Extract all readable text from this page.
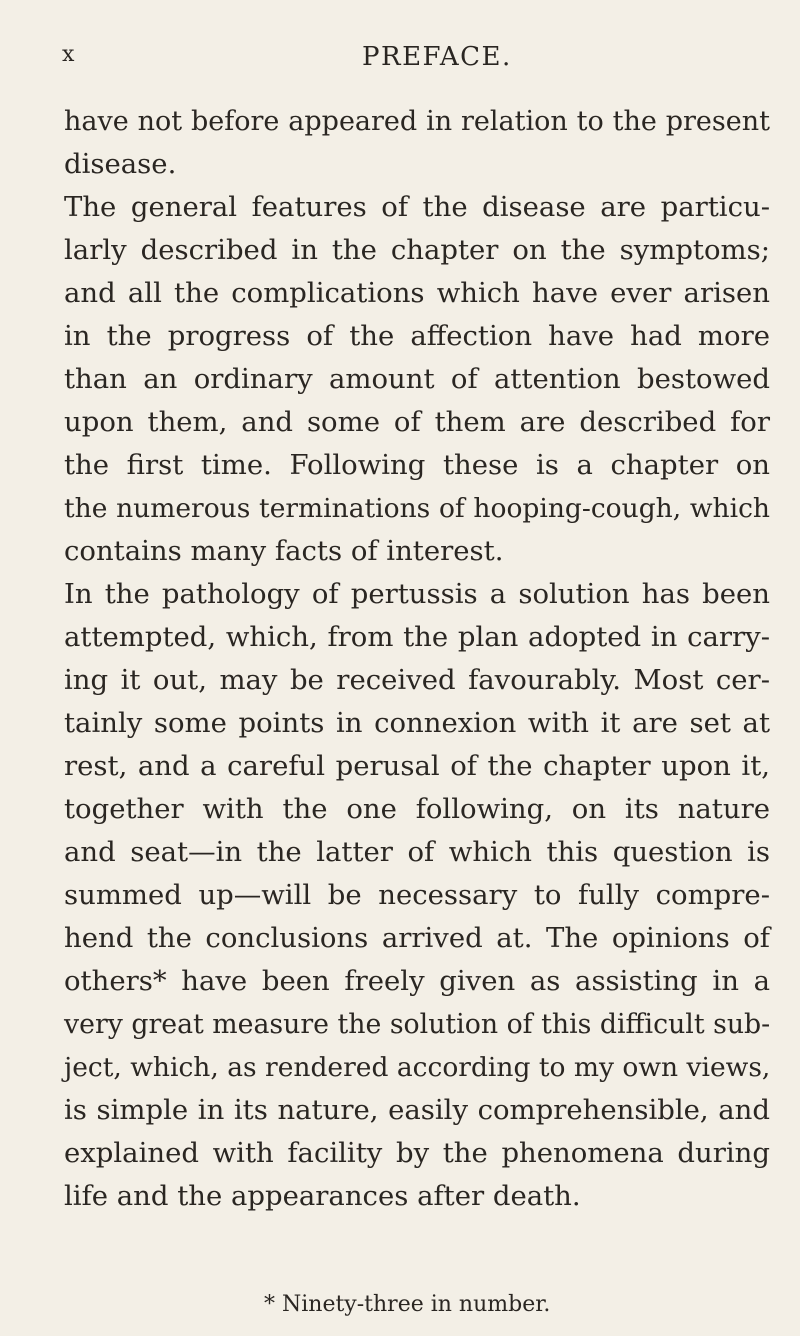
x	PREFACE.
have not before appeared in relation to the present
disease.
The general features of the disease are particu-
larly described in the chapter on the symptoms;
and all the complications which have ever arisen
in the progress of the affection have had more
than an ordinary amount of attention bestowed
upon them, and some of them are described for
the first time. Following these is a chapter on
the numerous terminations of hooping-cough, which
contains many facts of interest.
In the pathology of pertussis a solution has been
attempted, which, from the plan adopted in carry-
ing it out, may be received favourably. Most cer-
tainly some points in connexion with it are set at
rest, and a careful perusal of the chapter upon it,
together with the one following, on its nature
and seat—in the latter of which this question is
summed up—will be necessary to fully compre-
hend the conclusions arrived at. The opinions of
others* have been freely given as assisting in a
very great measure the solution of this difficult sub-
ject, which, as rendered according to my own views,
is simple in its nature, easily comprehensible, and
explained with facility by the phenomena during
life and the appearances after death.
* Ninety-three in number.
